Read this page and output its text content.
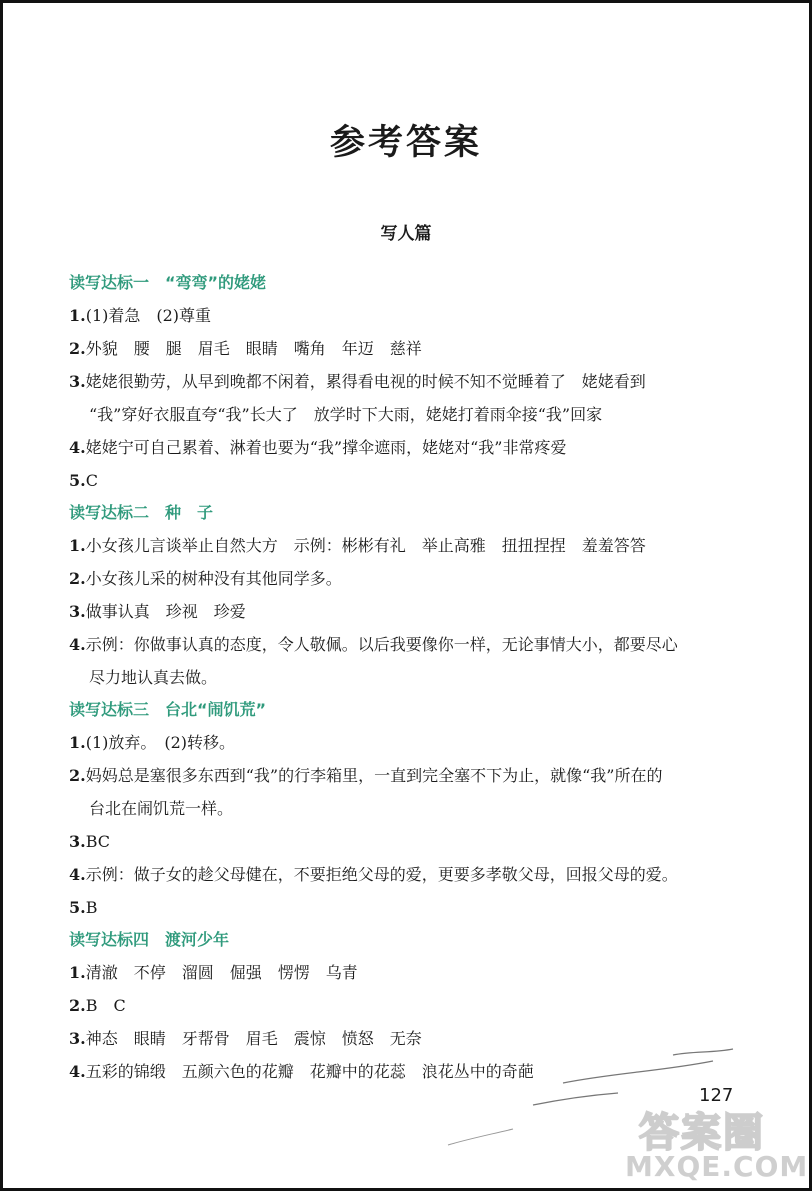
参考答案
写人篇
读写达标一　“弯弯”的姥姥
1 . (1)着急　(2)尊重
2 . 外貌　腰　腿　眉毛　眼睛　嘴角　年迈　慈祥
3 . 姥姥很勤劳，从早到晚都不闲着，累得看电视的时候不知不觉睡着了　姥姥看到
“我”穿好衣服直夸“我”长大了　放学时下大雨，姥姥打着雨伞接“我”回家
4 . 姥姥宁可自己累着、淋着也要为“我”撑伞遮雨，姥姥对“我”非常疼爱
5 . C
读写达标二　种　子
1 . 小女孩儿言谈举止自然大方　示例：彬彬有礼　举止高雅　扭扭捏捏　羞羞答答
2 . 小女孩儿采的树种没有其他同学多。
3 . 做事认真　珍视　珍爱
4 . 示例：你做事认真的态度，令人敬佩。以后我要像你一样，无论事情大小，都要尽心
尽力地认真去做。
读写达标三　台北“闹饥荒”
1 . (1)放弃。　(2)转移。
2 . 妈妈总是塞很多东西到“我”的行李箱里，一直到完全塞不下为止，就像“我”所在的
台北在闹饥荒一样。
3 . BC
4 . 示例：做子女的趁父母健在，不要拒绝父母的爱，更要多孝敬父母，回报父母的爱。
5 . B
读写达标四　渡河少年
1 . 清澈　不停　溜圆　倔强　愣愣　乌青
2 . B　C
3 . 神态　眼睛　牙帮骨　眉毛　震惊　愤怒　无奈
4 . 五彩的锦缎　五颜六色的花瓣　花瓣中的花蕊　浪花丛中的奇葩
127
答案圈
MXQE.COM
